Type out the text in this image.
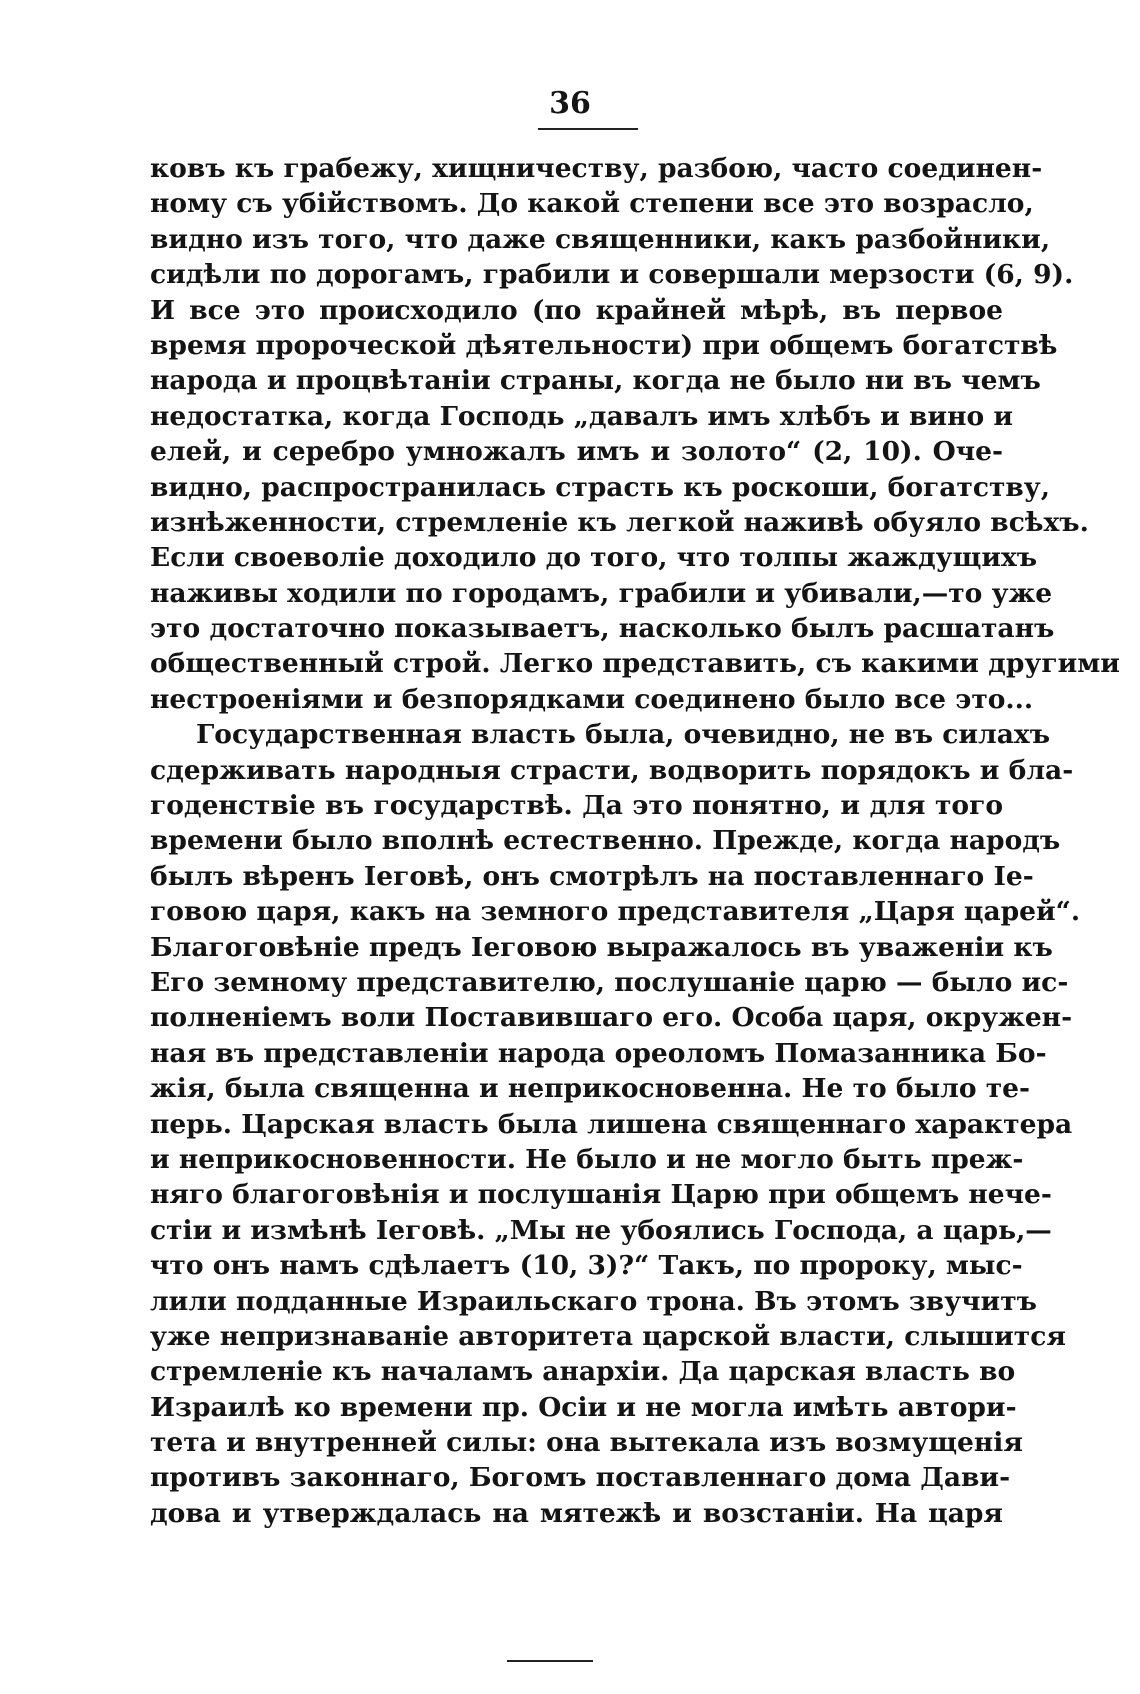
36
ковъ къ грабежу, хищничеству, разбою, часто соединен-
ному съ убійствомъ. До какой степени все это возрасло,
видно изъ того, что даже священники, какъ разбойники,
сидѣли по дорогамъ, грабили и совершали мерзости (6, 9).
И все это происходило (по крайней мѣрѣ, въ первое
время пророческой дѣятельности) при общемъ богатствѣ
народа и процвѣтаніи страны, когда не было ни въ чемъ
недостатка, когда Господь „давалъ имъ хлѣбъ и вино и
елей, и серебро умножалъ имъ и золото“ (2, 10). Оче-
видно, распространилась страсть къ роскоши, богатству,
изнѣженности, стремленіе къ легкой наживѣ обуяло всѣхъ.
Если своеволіе доходило до того, что толпы жаждущихъ
наживы ходили по городамъ, грабили и убивали,—то уже
это достаточно показываетъ, насколько былъ расшатанъ
общественный строй. Легко представить, съ какими другими
нестроеніями и безпорядками соединено было все это...
Государственная власть была, очевидно, не въ силахъ
сдерживать народныя страсти, водворить порядокъ и бла-
годенствіе въ государствѣ. Да это понятно, и для того
времени было вполнѣ естественно. Прежде, когда народъ
былъ вѣренъ Іеговѣ, онъ смотрѣлъ на поставленнаго Іе-
говою царя, какъ на земного представителя „Царя царей“.
Благоговѣніе предъ Іеговою выражалось въ уваженіи къ
Его земному представителю, послушаніе царю — было ис-
полненіемъ воли Поставившаго его. Особа царя, окружен-
ная въ представленіи народа ореоломъ Помазанника Бо-
жія, была священна и неприкосновенна. Не то было те-
перь. Царская власть была лишена священнаго характера
и неприкосновенности. Не было и не могло быть преж-
няго благоговѣнія и послушанія Царю при общемъ нече-
стіи и измѣнѣ Іеговѣ. „Мы не убоялись Господа, а царь,—
что онъ намъ сдѣлаетъ (10, 3)?“ Такъ, по пророку, мыс-
лили подданные Израильскаго трона. Въ этомъ звучитъ
уже непризнаваніе авторитета царской власти, слышится
стремленіе къ началамъ анархіи. Да царская власть во
Израилѣ ко времени пр. Осіи и не могла имѣть автори-
тета и внутренней силы: она вытекала изъ возмущенія
противъ законнаго, Богомъ поставленнаго дома Дави-
дова и утверждалась на мятежѣ и возстаніи. На царя
